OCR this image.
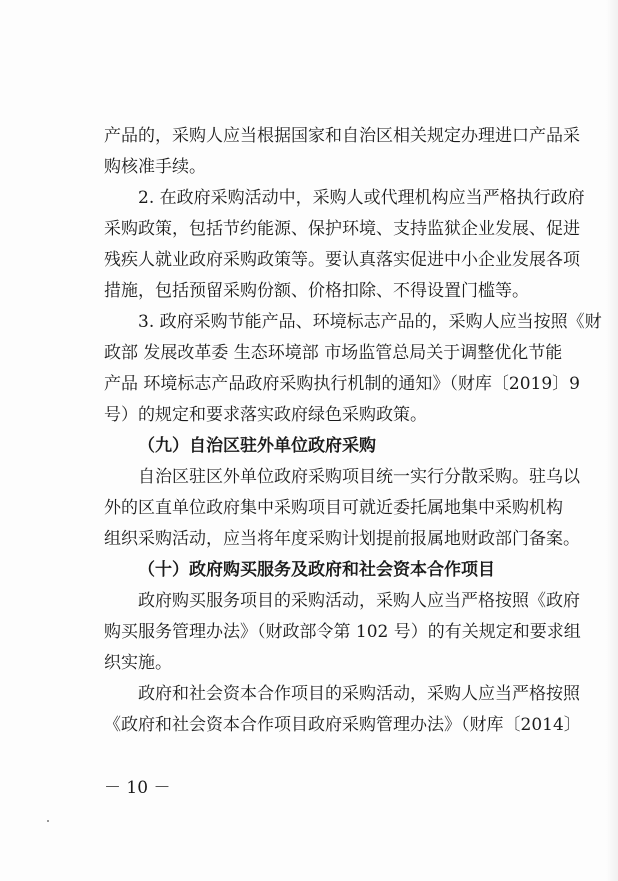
产品的，采购人应当根据国家和自治区相关规定办理进口产品采
购核准手续。
2. 在政府采购活动中，采购人或代理机构应当严格执行政府
采购政策，包括节约能源、保护环境、支持监狱企业发展、促进
残疾人就业政府采购政策等。要认真落实促进中小企业发展各项
措施，包括预留采购份额、价格扣除、不得设置门槛等。
3. 政府采购节能产品、环境标志产品的，采购人应当按照《财
政部 发展改革委 生态环境部 市场监管总局关于调整优化节能
产品 环境标志产品政府采购执行机制的通知》（财库〔2019〕9
号）的规定和要求落实政府绿色采购政策。
（九）自治区驻外单位政府采购
自治区驻区外单位政府采购项目统一实行分散采购。驻乌以
外的区直单位政府集中采购项目可就近委托属地集中采购机构
组织采购活动，应当将年度采购计划提前报属地财政部门备案。
（十）政府购买服务及政府和社会资本合作项目
政府购买服务项目的采购活动，采购人应当严格按照《政府
购买服务管理办法》（财政部令第 102 号）的有关规定和要求组
织实施。
政府和社会资本合作项目的采购活动，采购人应当严格按照
《政府和社会资本合作项目政府采购管理办法》（财库〔2014〕
－ 10 －
